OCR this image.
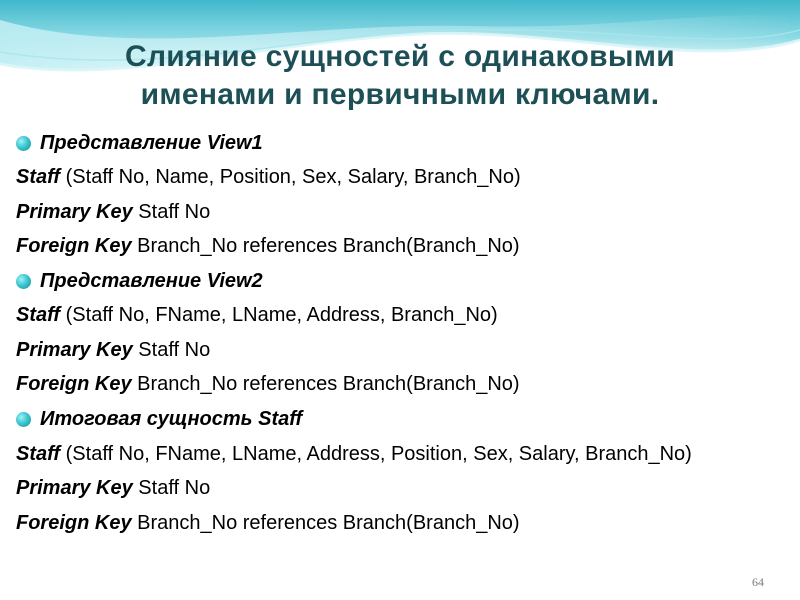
Слияние сущностей с одинаковыми
именами и первичными ключами.
Представление View1
Staff (Staff No, Name, Position, Sex, Salary, Branch_No)
Primary Key Staff No
Foreign Key Branch_No references Branch(Branch_No)
Представление View2
Staff (Staff No, FName, LName, Address, Branch_No)
Primary Key Staff No
Foreign Key Branch_No references Branch(Branch_No)
Итоговая сущность Staff
Staff (Staff No, FName, LName, Address, Position, Sex, Salary, Branch_No)
Primary Key Staff No
Foreign Key Branch_No references Branch(Branch_No)
64
